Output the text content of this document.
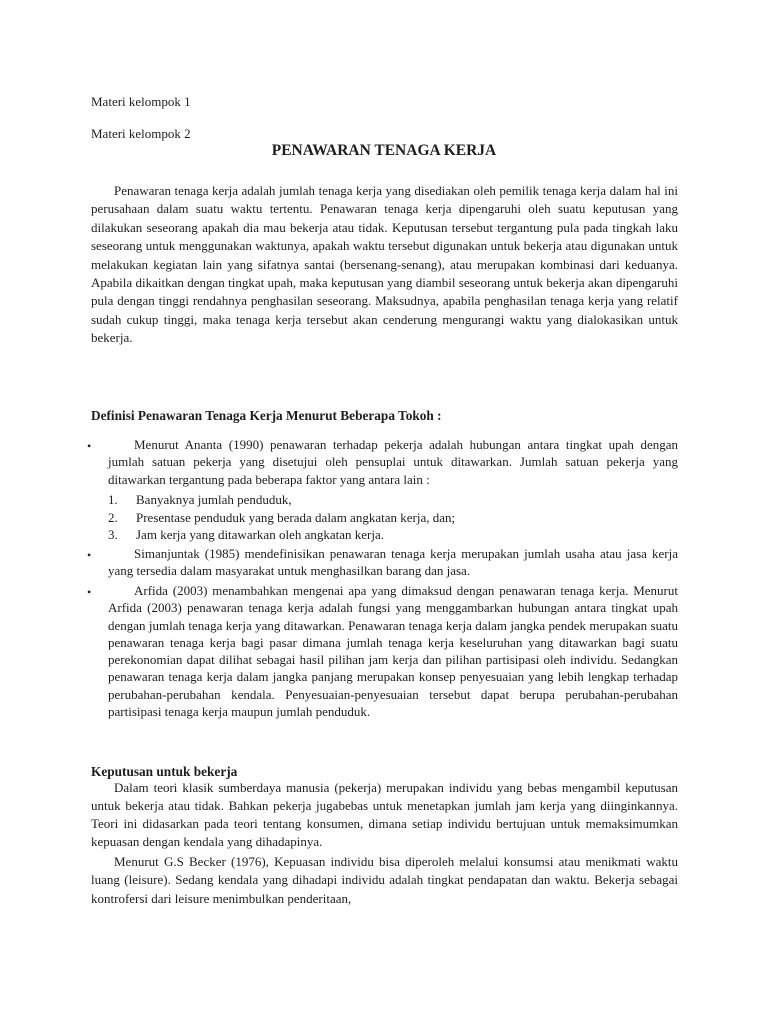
Materi kelompok 1
Materi kelompok 2
PENAWARAN TENAGA KERJA

Penawaran tenaga kerja adalah jumlah tenaga kerja yang disediakan oleh pemilik tenaga kerja dalam hal ini perusahaan dalam suatu waktu tertentu. Penawaran tenaga kerja dipengaruhi oleh suatu keputusan yang dilakukan seseorang apakah dia mau bekerja atau tidak. Keputusan tersebut tergantung pula pada tingkah laku seseorang untuk menggunakan waktunya, apakah waktu tersebut digunakan untuk bekerja atau digunakan untuk melakukan kegiatan lain yang sifatnya santai (bersenang-senang), atau merupakan kombinasi dari keduanya. Apabila dikaitkan dengan tingkat upah, maka keputusan yang diambil seseorang untuk bekerja akan dipengaruhi pula dengan tinggi rendahnya penghasilan seseorang. Maksudnya, apabila penghasilan tenaga kerja yang relatif sudah cukup tinggi, maka tenaga kerja tersebut akan cenderung mengurangi waktu yang dialokasikan untuk bekerja.

Definisi Penawaran Tenaga Kerja Menurut Beberapa Tokoh :
•	Menurut Ananta (1990) penawaran terhadap pekerja adalah hubungan antara tingkat upah dengan jumlah satuan pekerja yang disetujui oleh pensuplai untuk ditawarkan. Jumlah satuan pekerja yang ditawarkan tergantung pada beberapa faktor yang antara lain :

1. Banyaknya jumlah penduduk,
2. Presentase penduduk yang berada dalam angkatan kerja, dan;
3. Jam kerja yang ditawarkan oleh angkatan kerja.
•	Simanjuntak (1985) mendefinisikan penawaran tenaga kerja merupakan jumlah usaha atau jasa kerja yang tersedia dalam masyarakat untuk menghasilkan barang dan jasa.

•	Arfida (2003) menambahkan mengenai apa yang dimaksud dengan penawaran tenaga kerja. Menurut Arfida (2003) penawaran tenaga kerja adalah fungsi yang menggambarkan hubungan antara tingkat upah dengan jumlah tenaga kerja yang ditawarkan. Penawaran tenaga kerja dalam jangka pendek merupakan suatu penawaran tenaga kerja bagi pasar dimana jumlah tenaga kerja keseluruhan yang ditawarkan bagi suatu perekonomian dapat dilihat sebagai hasil pilihan jam kerja dan pilihan partisipasi oleh individu. Sedangkan penawaran tenaga kerja dalam jangka panjang merupakan konsep penyesuaian yang lebih lengkap terhadap perubahan-perubahan kendala. Penyesuaian-penyesuaian tersebut dapat berupa perubahan-perubahan partisipasi tenaga kerja maupun jumlah penduduk.

Keputusan untuk bekerja

Dalam teori klasik sumberdaya manusia (pekerja) merupakan individu yang bebas mengambil keputusan untuk bekerja atau tidak. Bahkan pekerja jugabebas untuk menetapkan jumlah jam kerja yang diinginkannya. Teori ini didasarkan pada teori tentang konsumen, dimana setiap individu bertujuan untuk memaksimumkan kepuasan dengan kendala yang dihadapinya.

Menurut G.S Becker (1976), Kepuasan individu bisa diperoleh melalui konsumsi atau menikmati waktu luang (leisure). Sedang kendala yang dihadapi individu adalah tingkat pendapatan dan waktu. Bekerja sebagai kontrofersi dari leisure menimbulkan penderitaan,
